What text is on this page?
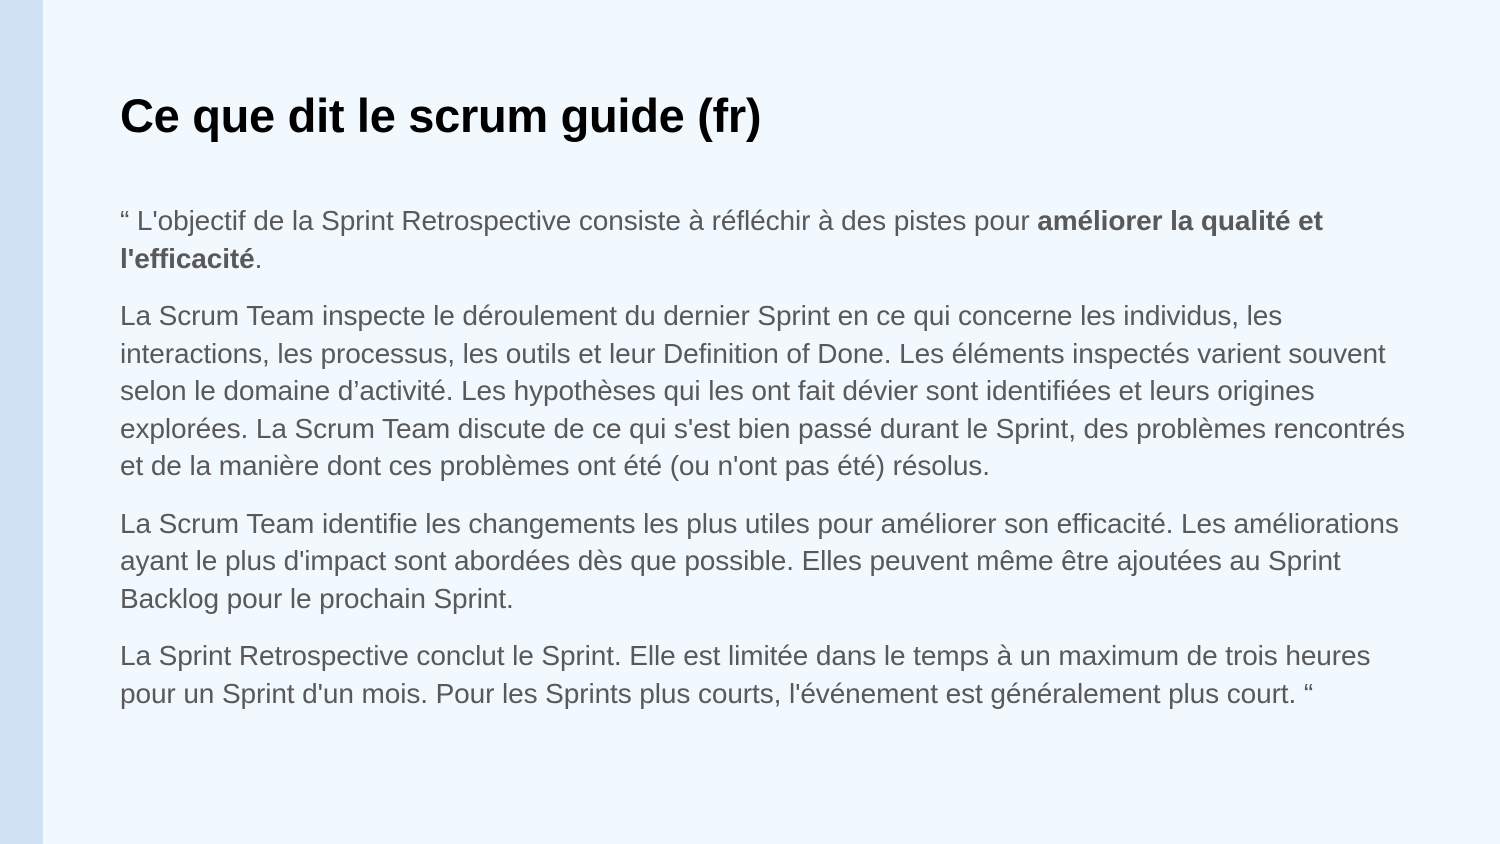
Ce que dit le scrum guide (fr)

“ L'objectif de la Sprint Retrospective consiste à réfléchir à des pistes pour améliorer la qualité et l'efficacité.

La Scrum Team inspecte le déroulement du dernier Sprint en ce qui concerne les individus, les interactions, les processus, les outils et leur Definition of Done. Les éléments inspectés varient souvent selon le domaine d’activité. Les hypothèses qui les ont fait dévier sont identifiées et leurs origines explorées. La Scrum Team discute de ce qui s'est bien passé durant le Sprint, des problèmes rencontrés et de la manière dont ces problèmes ont été (ou n'ont pas été) résolus.

La Scrum Team identifie les changements les plus utiles pour améliorer son efficacité. Les améliorations ayant le plus d'impact sont abordées dès que possible. Elles peuvent même être ajoutées au Sprint Backlog pour le prochain Sprint.

La Sprint Retrospective conclut le Sprint. Elle est limitée dans le temps à un maximum de trois heures pour un Sprint d'un mois. Pour les Sprints plus courts, l'événement est généralement plus court. “
